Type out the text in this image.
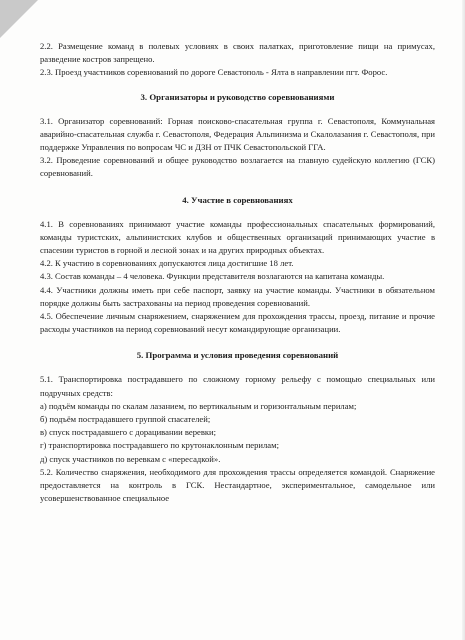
2.2. Размещение команд в полевых условиях в своих палатках, приготовление пищи на примусах, разведение костров запрещено.

2.3. Проезд участников соревнований по дороге Севастополь - Ялта в направлении пгт. Форос.

3. Организаторы и руководство соревнованиями

3.1. Организатор соревнований: Горная поисково-спасательная группа г. Севастополя, Коммунальная аварийно-спасательная служба г. Севастополя, Федерация Альпинизма и Скалолазания г. Севастополя, при поддержке Управления по вопросам ЧС и ДЗН от ПЧК Севастопольской ГГА.

3.2. Проведение соревнований и общее руководство возлагается на главную судейскую коллегию (ГСК) соревнований.

4. Участие в соревнованиях

4.1. В соревнованиях принимают участие команды профессиональных спасательных формирований, команды туристских, альпинистских клубов и общественных организаций принимающих участие в спасении туристов в горной и лесной зонах и на других природных объектах.

4.2. К участию в соревнованиях допускаются лица достигшие 18 лет.

4.3. Состав команды – 4 человека. Функции представителя возлагаются на капитана команды.

4.4. Участники должны иметь при себе паспорт, заявку на участие команды. Участники в обязательном порядке должны быть застрахованы на период проведения соревнований.

4.5. Обеспечение личным снаряжением, снаряжением для прохождения трассы, проезд, питание и прочие расходы участников на период соревнований несут командирующие организации.

5. Программа и условия проведения соревнований

5.1. Транспортировка пострадавшего по сложному горному рельефу с помощью специальных или подручных средств:

а) подъём команды по скалам лазанием, по вертикальным и горизонтальным перилам;

б) подъём пострадавшего группой спасателей;

в) спуск пострадавшего с дорацивании веревки;

г) транспортировка пострадавшего по крутонаклонным перилам;

д) спуск участников по веревкам с «пересадкой».

5.2. Количество снаряжения, необходимого для прохождения трассы определяется командой. Снаряжение предоставляется на контроль в ГСК. Нестандартное, экспериментальное, самодельное или усовершенствованное специальное
